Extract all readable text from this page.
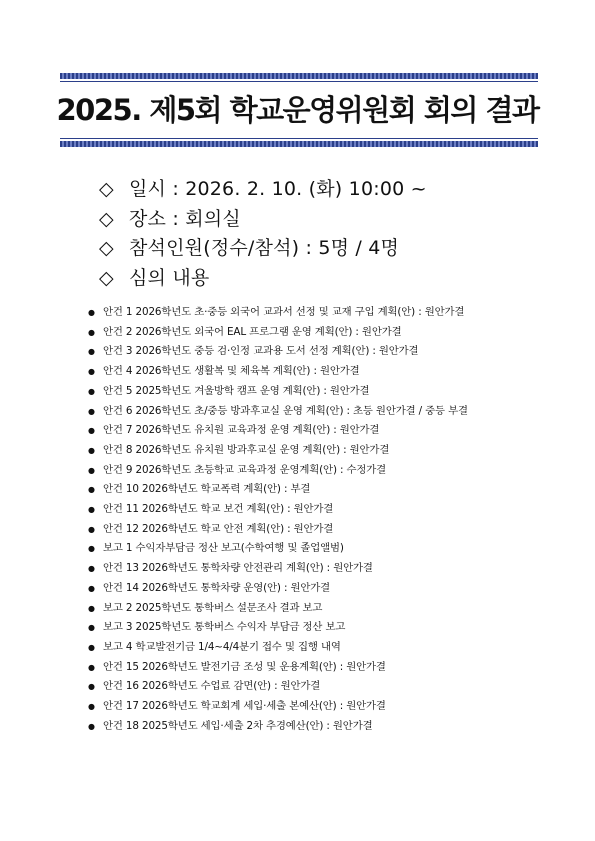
2025. 제5회 학교운영위원회 회의 결과
◇ 일시 : 2026. 2. 10. (화) 10:00 ~
◇ 장소 : 회의실
◇ 참석인원(정수/참석) : 5명 / 4명
◇ 심의 내용
● 안건 1 2026학년도 초·중등 외국어 교과서 선정 및 교재 구입 계획(안) : 원안가결
● 안건 2 2026학년도 외국어 EAL 프로그램 운영 계획(안) : 원안가결
● 안건 3 2026학년도 중등 검·인정 교과용 도서 선정 계획(안) : 원안가결
● 안건 4 2026학년도 생활복 및 체육복 계획(안) : 원안가결
● 안건 5 2025학년도 겨울방학 캠프 운영 계획(안) : 원안가결
● 안건 6 2026학년도 초/중등 방과후교실 운영 계획(안) : 초등 원안가결 / 중등 부결
● 안건 7 2026학년도 유치원 교육과정 운영 계획(안) : 원안가결
● 안건 8 2026학년도 유치원 방과후교실 운영 계획(안) : 원안가결
● 안건 9 2026학년도 초등학교 교육과정 운영계획(안) : 수정가결
● 안건 10 2026학년도 학교폭력 계획(안) : 부결
● 안건 11 2026학년도 학교 보건 계획(안) : 원안가결
● 안건 12 2026학년도 학교 안전 계획(안) : 원안가결
● 보고 1 수익자부담금 정산 보고(수학여행 및 졸업앨범)
● 안건 13 2026학년도 통학차량 안전관리 계획(안) : 원안가결
● 안건 14 2026학년도 통학차량 운영(안) : 원안가결
● 보고 2 2025학년도 통학버스 설문조사 결과 보고
● 보고 3 2025학년도 통학버스 수익자 부담금 정산 보고
● 보고 4 학교발전기금 1/4~4/4분기 접수 및 집행 내역
● 안건 15 2026학년도 발전기금 조성 및 운용계획(안) : 원안가결
● 안건 16 2026학년도 수업료 감면(안) : 원안가결
● 안건 17 2026학년도 학교회계 세입·세출 본예산(안) : 원안가결
● 안건 18 2025학년도 세입·세출 2차 추경예산(안) : 원안가결
